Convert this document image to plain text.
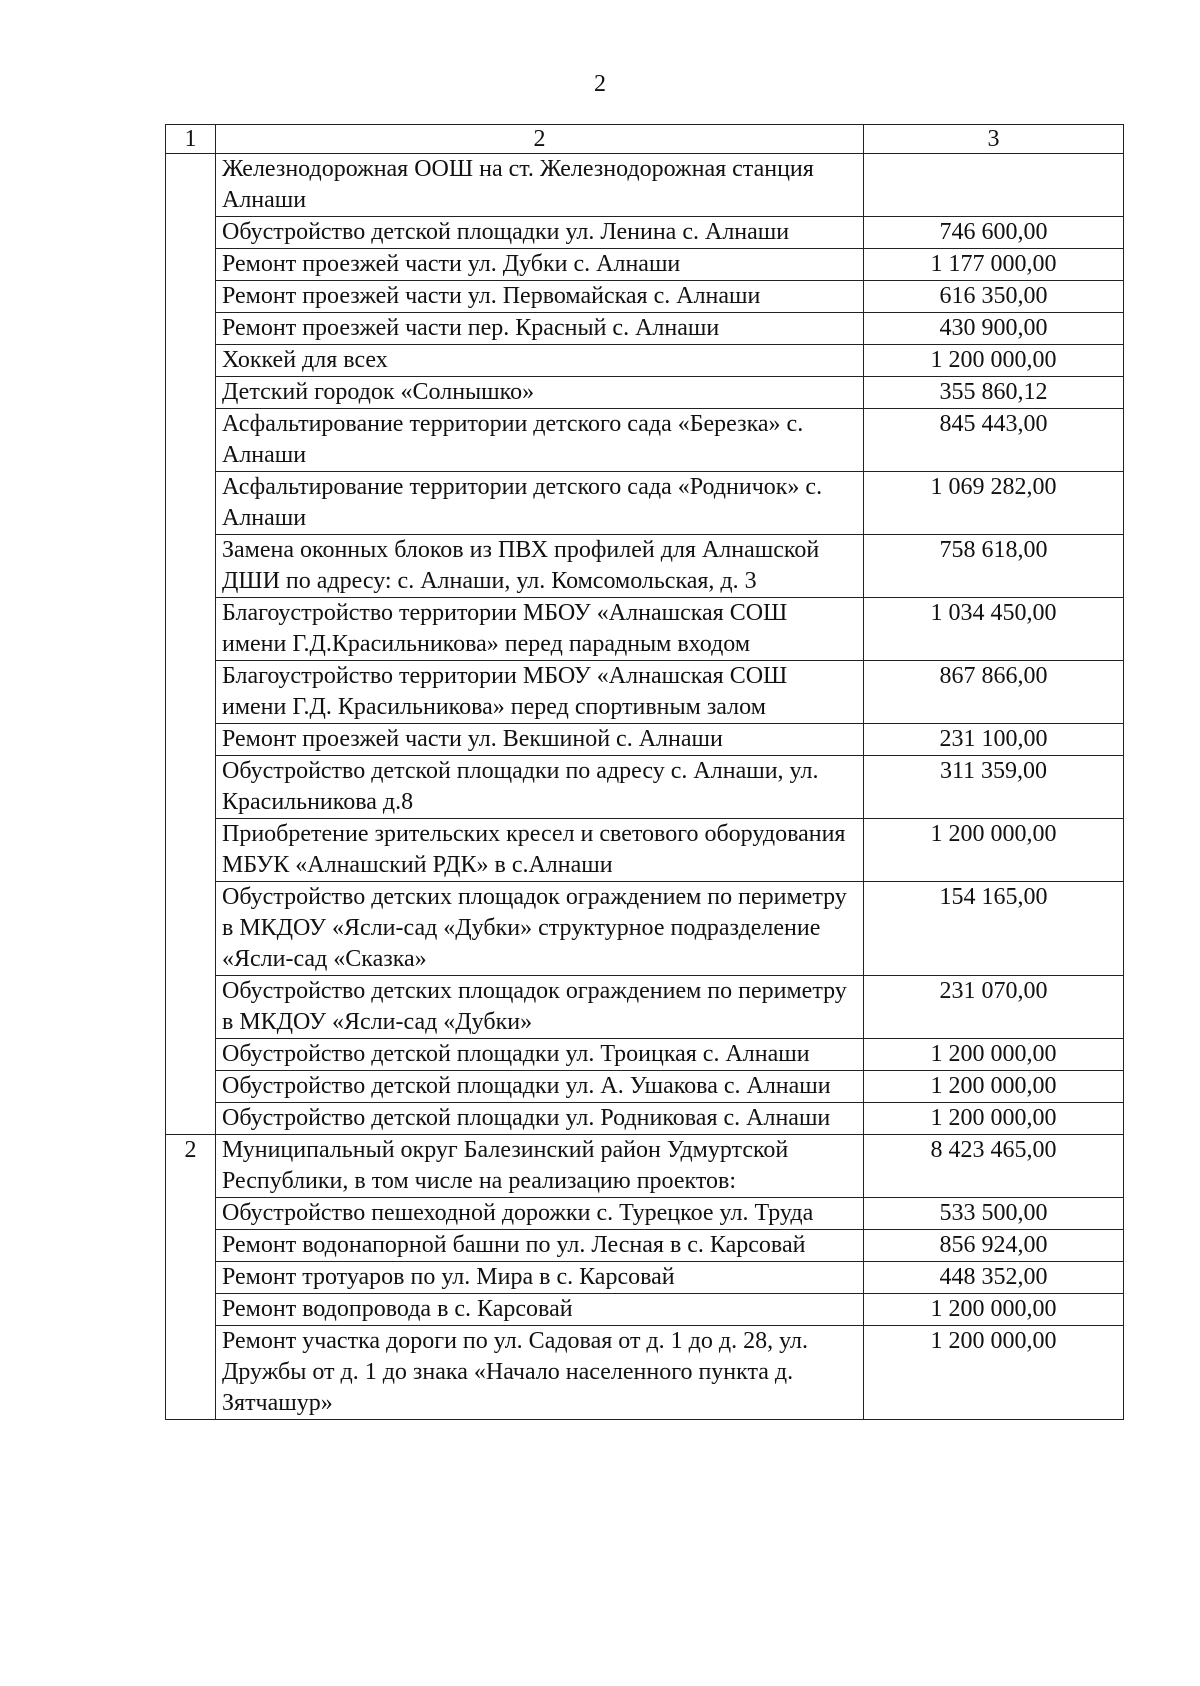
2
1	2	3
	Железнодорожная ООШ на ст. Железнодорожная станция Алнаши	
	Обустройство детской площадки ул. Ленина с. Алнаши	746 600,00
	Ремонт проезжей части ул. Дубки с. Алнаши	1 177 000,00
	Ремонт проезжей части ул. Первомайская с. Алнаши	616 350,00
	Ремонт проезжей части пер. Красный с. Алнаши	430 900,00
	Хоккей для всех	1 200 000,00
	Детский городок «Солнышко»	355 860,12
	Асфальтирование территории детского сада «Березка» с. Алнаши	845 443,00
	Асфальтирование территории детского сада «Родничок» с. Алнаши	1 069 282,00
	Замена оконных блоков из ПВХ профилей для Алнашской ДШИ по адресу: с. Алнаши, ул. Комсомольская, д. 3	758 618,00
	Благоустройство территории МБОУ «Алнашская СОШ имени Г.Д.Красильникова» перед парадным входом	1 034 450,00
	Благоустройство территории МБОУ «Алнашская СОШ имени Г.Д. Красильникова» перед спортивным залом	867 866,00
	Ремонт проезжей части ул. Векшиной с. Алнаши	231 100,00
	Обустройство детской площадки по адресу с. Алнаши, ул. Красильникова д.8	311 359,00
	Приобретение зрительских кресел и светового оборудования МБУК «Алнашский РДК» в с.Алнаши	1 200 000,00
	Обустройство детских площадок ограждением по периметру в МКДОУ «Ясли-сад «Дубки» структурное подразделение «Ясли-сад «Сказка»	154 165,00
	Обустройство детских площадок ограждением по периметру в МКДОУ «Ясли-сад «Дубки»	231 070,00
	Обустройство детской площадки ул. Троицкая с. Алнаши	1 200 000,00
	Обустройство детской площадки ул. А. Ушакова с. Алнаши	1 200 000,00
	Обустройство детской площадки ул. Родниковая с. Алнаши	1 200 000,00
2	Муниципальный округ Балезинский район Удмуртской Республики, в том числе на реализацию проектов:	8 423 465,00
	Обустройство пешеходной дорожки с. Турецкое ул. Труда	533 500,00
	Ремонт водонапорной башни по ул. Лесная в с. Карсовай	856 924,00
	Ремонт тротуаров по ул. Мира в с. Карсовай	448 352,00
	Ремонт водопровода в с. Карсовай	1 200 000,00
	Ремонт участка дороги по ул. Садовая от д. 1 до д. 28, ул. Дружбы от д. 1 до знака «Начало населенного пункта д. Зятчашур»	1 200 000,00
